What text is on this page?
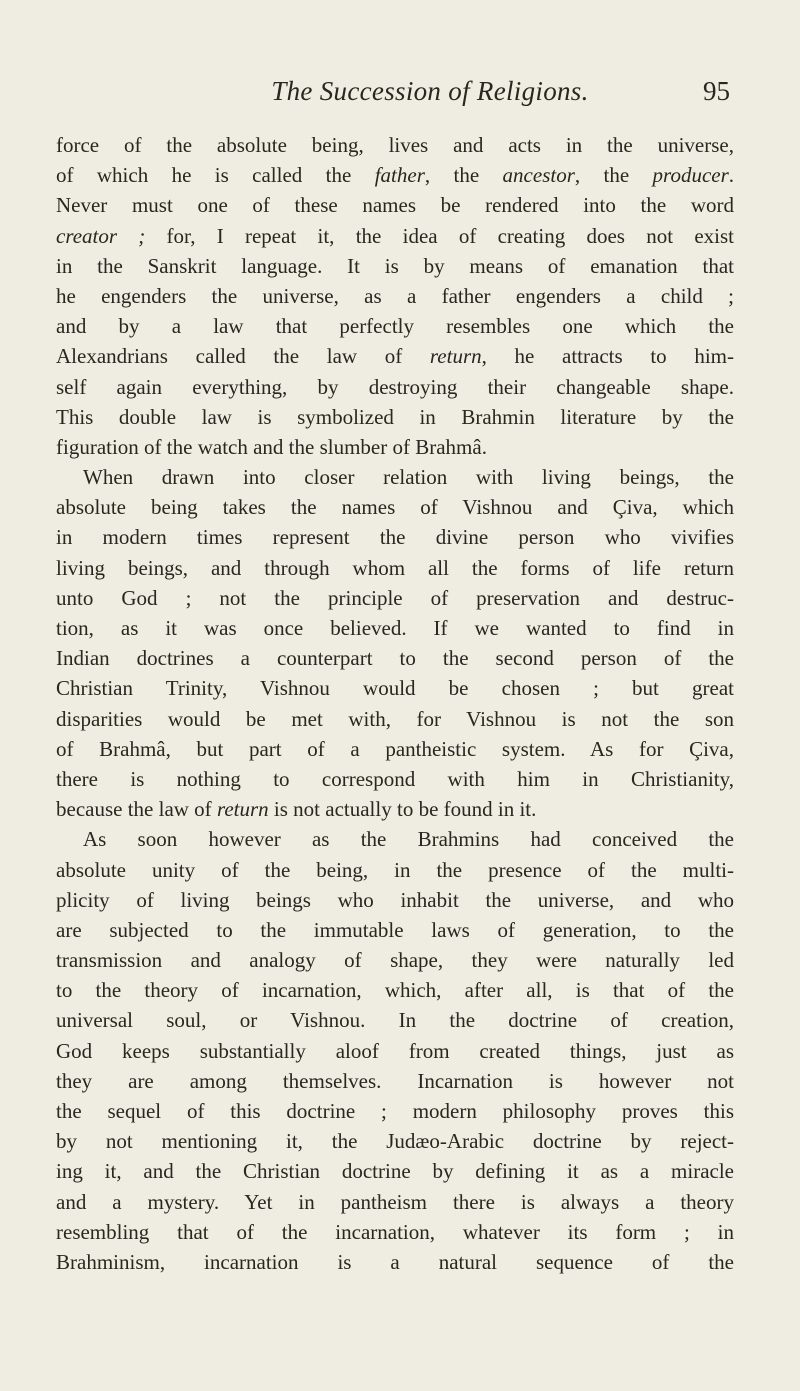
The Succession of Religions.	95
force of the absolute being, lives and acts in the universe,
of which he is called the father, the ancestor, the producer.
Never must one of these names be rendered into the word
creator ; for, I repeat it, the idea of creating does not exist
in the Sanskrit language. It is by means of emanation that
he engenders the universe, as a father engenders a child ;
and by a law that perfectly resembles one which the
Alexandrians called the law of return, he attracts to him-
self again everything, by destroying their changeable shape.
This double law is symbolized in Brahmin literature by the
figuration of the watch and the slumber of Brahmâ.
When drawn into closer relation with living beings, the
absolute being takes the names of Vishnou and Çiva, which
in modern times represent the divine person who vivifies
living beings, and through whom all the forms of life return
unto God ; not the principle of preservation and destruc-
tion, as it was once believed. If we wanted to find in
Indian doctrines a counterpart to the second person of the
Christian Trinity, Vishnou would be chosen ; but great
disparities would be met with, for Vishnou is not the son
of Brahmâ, but part of a pantheistic system. As for Çiva,
there is nothing to correspond with him in Christianity,
because the law of return is not actually to be found in it.
As soon however as the Brahmins had conceived the
absolute unity of the being, in the presence of the multi-
plicity of living beings who inhabit the universe, and who
are subjected to the immutable laws of generation, to the
transmission and analogy of shape, they were naturally led
to the theory of incarnation, which, after all, is that of the
universal soul, or Vishnou. In the doctrine of creation,
God keeps substantially aloof from created things, just as
they are among themselves. Incarnation is however not
the sequel of this doctrine ; modern philosophy proves this
by not mentioning it, the Judæo-Arabic doctrine by reject-
ing it, and the Christian doctrine by defining it as a miracle
and a mystery. Yet in pantheism there is always a theory
resembling that of the incarnation, whatever its form ; in
Brahminism, incarnation is a natural sequence of the
